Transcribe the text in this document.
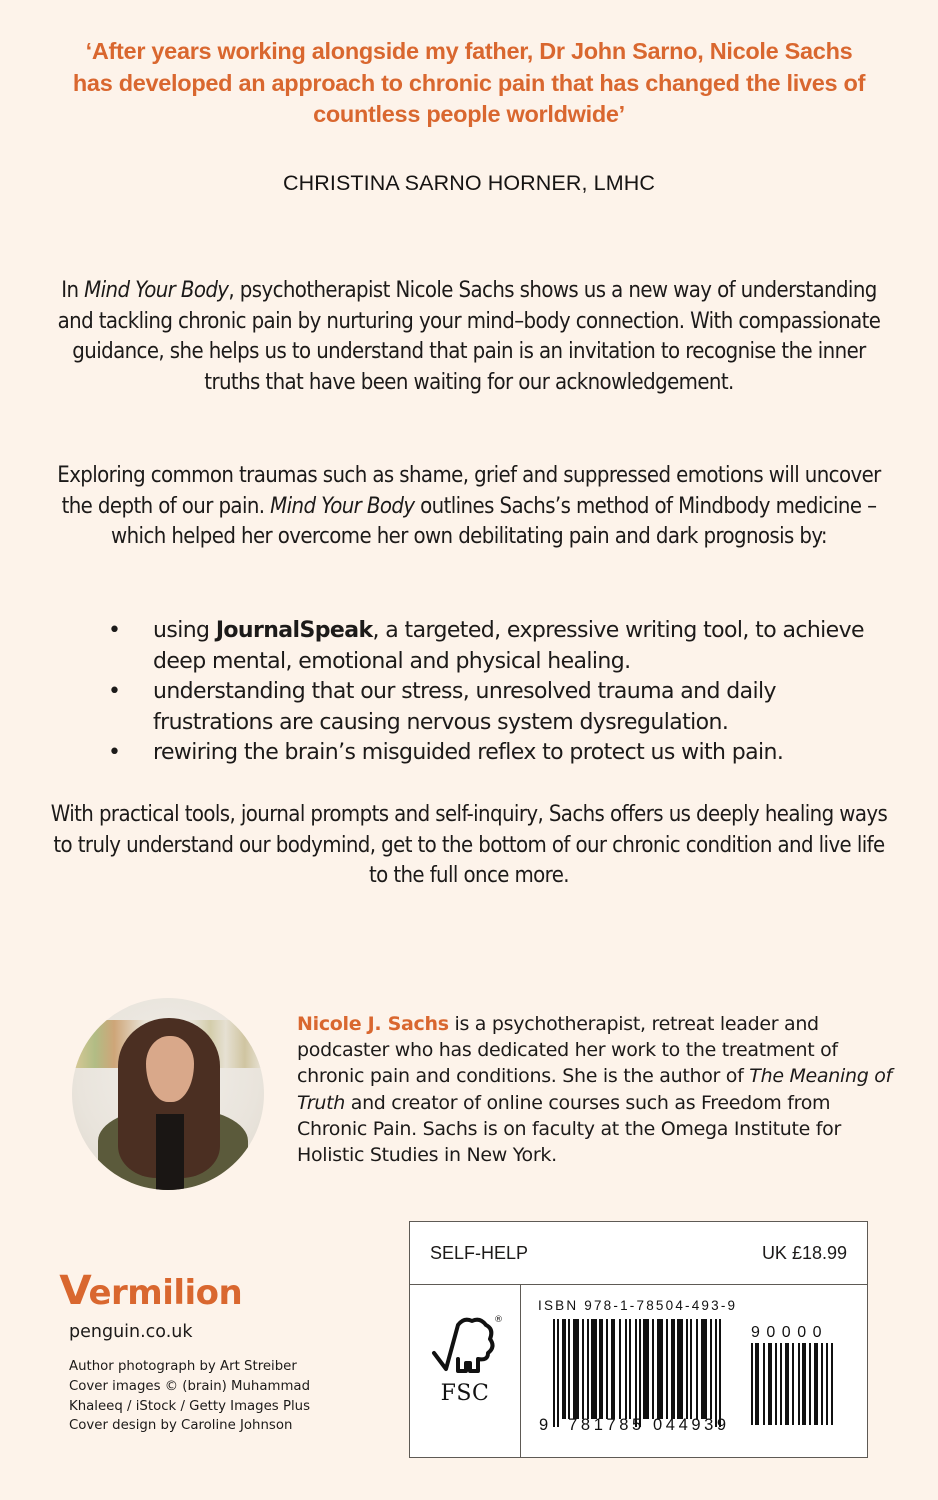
‘After years working alongside my father, Dr John Sarno, Nicole Sachs
has developed an approach to chronic pain that has changed the lives of
countless people worldwide’
CHRISTINA SARNO HORNER, LMHC
In Mind Your Body, psychotherapist Nicole Sachs shows us a new way of understanding and tackling chronic pain by nurturing your mind–body connection. With compassionate guidance, she helps us to understand that pain is an invitation to recognise the inner truths that have been waiting for our acknowledgement.
Exploring common traumas such as shame, grief and suppressed emotions will uncover the depth of our pain. Mind Your Body outlines Sachs’s method of Mindbody medicine – which helped her overcome her own debilitating pain and dark prognosis by:
•	using JournalSpeak, a targeted, expressive writing tool, to achieve deep mental, emotional and physical healing.
•	understanding that our stress, unresolved trauma and daily frustrations are causing nervous system dysregulation.
•	rewiring the brain’s misguided reflex to protect us with pain.
With practical tools, journal prompts and self-inquiry, Sachs offers us deeply healing ways to truly understand our bodymind, get to the bottom of our chronic condition and live life to the full once more.
Nicole J. Sachs is a psychotherapist, retreat leader and podcaster who has dedicated her work to the treatment of chronic pain and conditions. She is the author of The Meaning of Truth and creator of online courses such as Freedom from Chronic Pain. Sachs is on faculty at the Omega Institute for Holistic Studies in New York.
Vermilion
penguin.co.uk
Author photograph by Art Streiber
Cover images © (brain) Muhammad
Khaleeq / iStock / Getty Images Plus
Cover design by Caroline Johnson
SELF-HELP	UK £18.99
®
FSC
ISBN 978-1-78504-493-9
90000
9 781785 044939
